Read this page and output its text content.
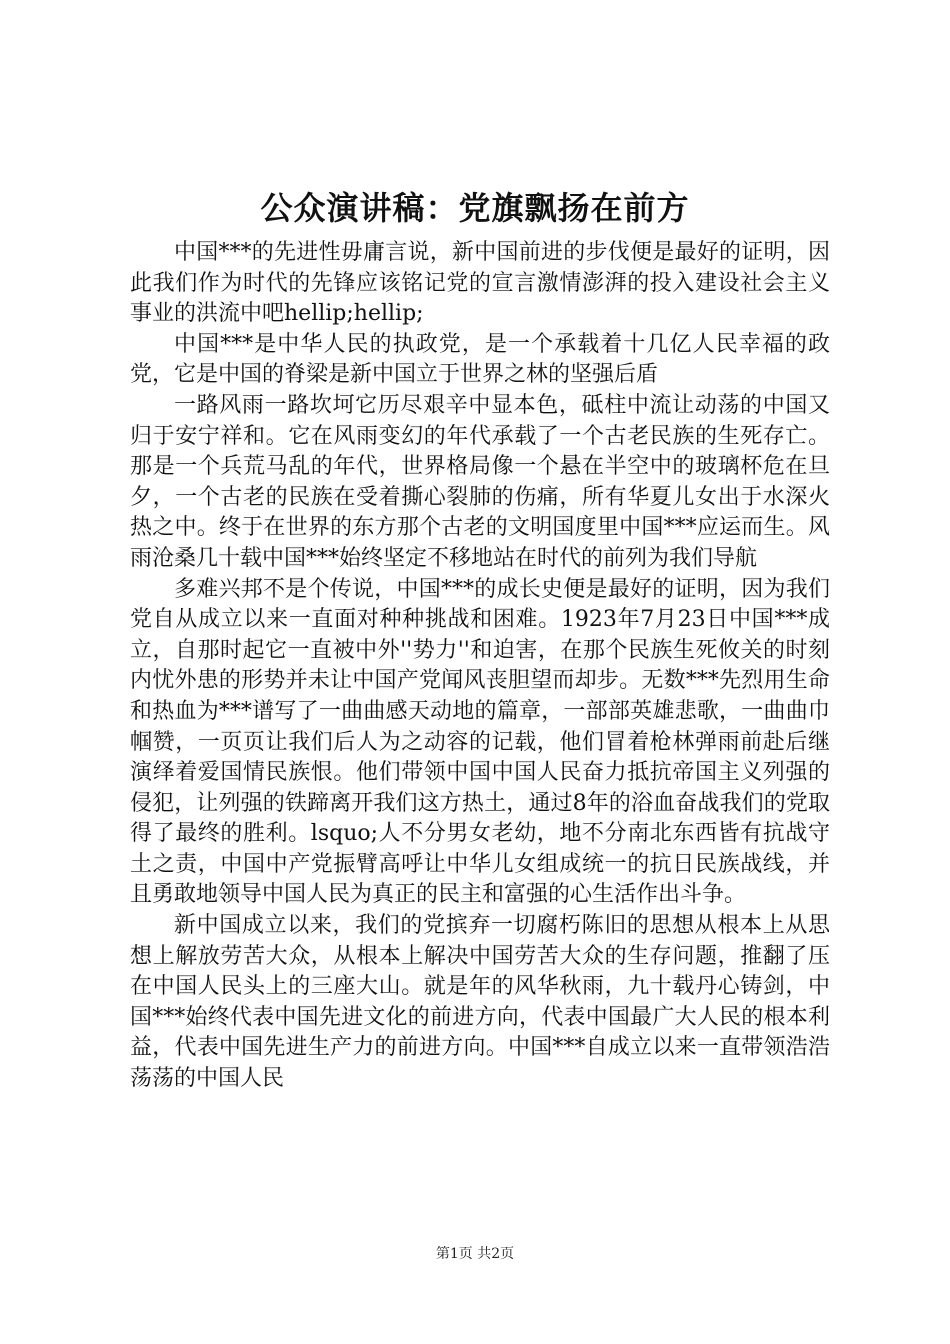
公众演讲稿：党旗飘扬在前方

中国***的先进性毋庸言说，新中国前进的步伐便是最好的证明，因此我们作为时代的先锋应该铭记党的宣言激情澎湃的投入建设社会主义事业的洪流中吧hellip;hellip;

中国***是中华人民的执政党，是一个承载着十几亿人民幸福的政党，它是中国的脊梁是新中国立于世界之林的坚强后盾

一路风雨一路坎坷它历尽艰辛中显本色，砥柱中流让动荡的中国又归于安宁祥和。它在风雨变幻的年代承载了一个古老民族的生死存亡。那是一个兵荒马乱的年代，世界格局像一个悬在半空中的玻璃杯危在旦夕，一个古老的民族在受着撕心裂肺的伤痛，所有华夏儿女出于水深火热之中。终于在世界的东方那个古老的文明国度里中国***应运而生。风雨沧桑几十载中国***始终坚定不移地站在时代的前列为我们导航

多难兴邦不是个传说，中国***的成长史便是最好的证明，因为我们党自从成立以来一直面对种种挑战和困难。1923年7月23日中国***成立，自那时起它一直被中外''势力''和迫害，在那个民族生死攸关的时刻内忧外患的形势并未让中国产党闻风丧胆望而却步。无数***先烈用生命和热血为***谱写了一曲曲感天动地的篇章，一部部英雄悲歌，一曲曲巾帼赞，一页页让我们后人为之动容的记载，他们冒着枪林弹雨前赴后继演绎着爱国情民族恨。他们带领中国中国人民奋力抵抗帝国主义列强的侵犯，让列强的铁蹄离开我们这方热土，通过8年的浴血奋战我们的党取得了最终的胜利。lsquo;人不分男女老幼，地不分南北东西皆有抗战守土之责，中国中产党振臂高呼让中华儿女组成统一的抗日民族战线，并且勇敢地领导中国人民为真正的民主和富强的心生活作出斗争。

新中国成立以来，我们的党摈弃一切腐朽陈旧的思想从根本上从思想上解放劳苦大众，从根本上解决中国劳苦大众的生存问题，推翻了压在中国人民头上的三座大山。就是年的风华秋雨，九十载丹心铸剑，中国***始终代表中国先进文化的前进方向，代表中国最广大人民的根本利益，代表中国先进生产力的前进方向。中国***自成立以来一直带领浩浩荡荡的中国人民

第1页 共2页
